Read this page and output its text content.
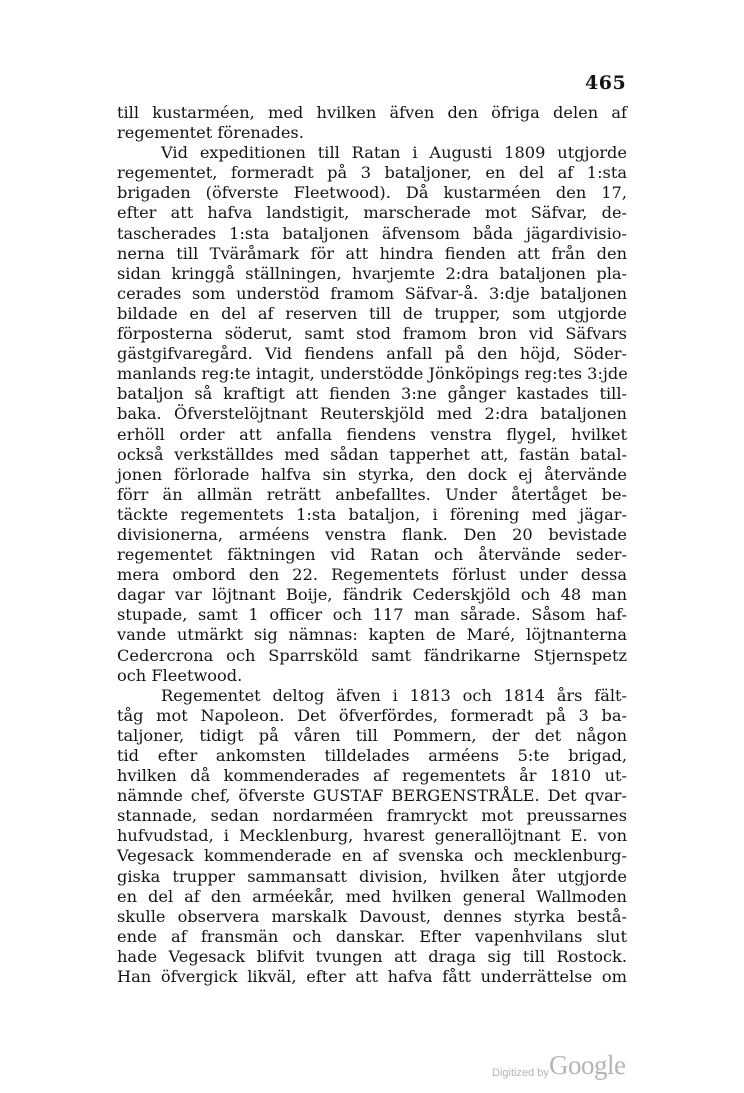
465
till kustarméen, med hvilken äfven den öfriga delen af
regementet förenades.
Vid expeditionen till Ratan i Augusti 1809 utgjorde
regementet, formeradt på 3 bataljoner, en del af 1:sta
brigaden (öfverste Fleetwood). Då kustarméen den 17,
efter att hafva landstigit, marscherade mot Säfvar, de-
tascherades 1:sta bataljonen äfvensom båda jägardivisio-
nerna till Tväråmark för att hindra fienden att från den
sidan kringgå ställningen, hvarjemte 2:dra bataljonen pla-
cerades som understöd framom Säfvar-å. 3:dje bataljonen
bildade en del af reserven till de trupper, som utgjorde
förposterna söderut, samt stod framom bron vid Säfvars
gästgifvaregård. Vid fiendens anfall på den höjd, Söder-
manlands reg:te intagit, understödde Jönköpings reg:tes 3:jde
bataljon så kraftigt att fienden 3:ne gånger kastades till-
baka. Öfverstelöjtnant Reuterskjöld med 2:dra bataljonen
erhöll order att anfalla fiendens venstra flygel, hvilket
också verkställdes med sådan tapperhet att, fastän batal-
jonen förlorade halfva sin styrka, den dock ej återvände
förr än allmän reträtt anbefalltes. Under återtåget be-
täckte regementets 1:sta bataljon, i förening med jägar-
divisionerna, arméens venstra flank. Den 20 bevistade
regementet fäktningen vid Ratan och återvände seder-
mera ombord den 22. Regementets förlust under dessa
dagar var löjtnant Boije, fändrik Cederskjöld och 48 man
stupade, samt 1 officer och 117 man sårade. Såsom haf-
vande utmärkt sig nämnas: kapten de Maré, löjtnanterna
Cedercrona och Sparrsköld samt fändrikarne Stjernspetz
och Fleetwood.
Regementet deltog äfven i 1813 och 1814 års fält-
tåg mot Napoleon. Det öfverfördes, formeradt på 3 ba-
taljoner, tidigt på våren till Pommern, der det någon
tid efter ankomsten tilldelades arméens 5:te brigad,
hvilken då kommenderades af regementets år 1810 ut-
nämnde chef, öfverste GUSTAF BERGENSTRÅLE. Det qvar-
stannade, sedan nordarméen framryckt mot preussarnes
hufvudstad, i Mecklenburg, hvarest generallöjtnant E. von
Vegesack kommenderade en af svenska och mecklenburg-
giska trupper sammansatt division, hvilken åter utgjorde
en del af den arméekår, med hvilken general Wallmoden
skulle observera marskalk Davoust, dennes styrka bestå-
ende af fransmän och danskar. Efter vapenhvilans slut
hade Vegesack blifvit tvungen att draga sig till Rostock.
Han öfvergick likväl, efter att hafva fått underrättelse om
Digitized by Google
